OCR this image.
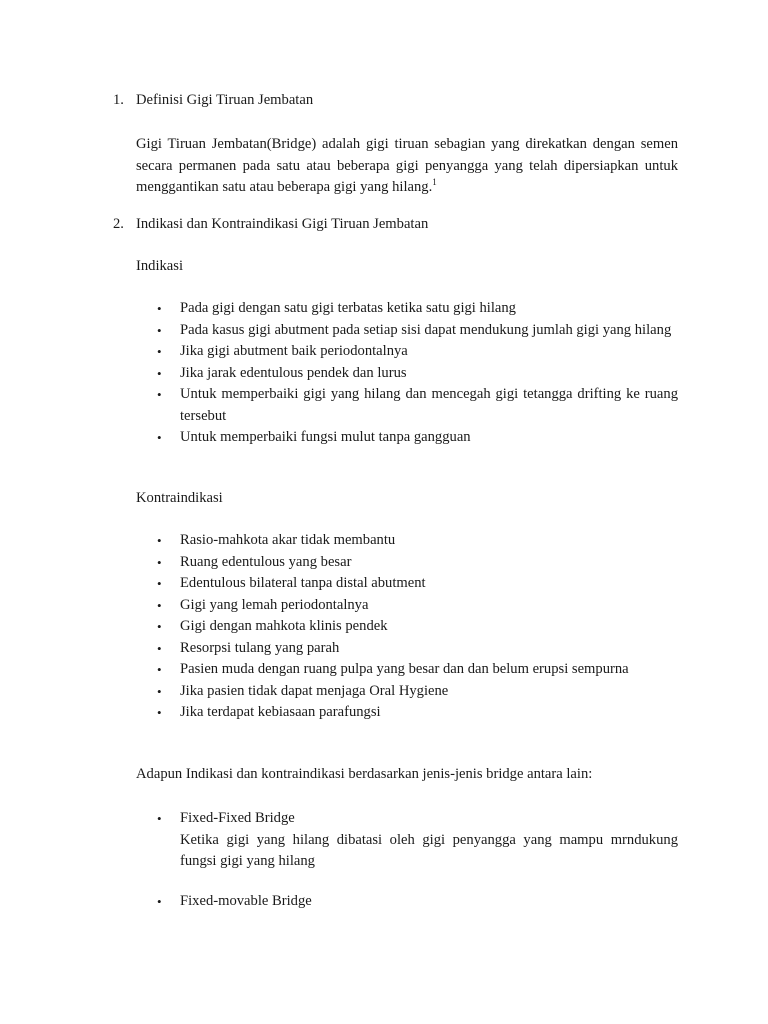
1. Definisi Gigi Tiruan Jembatan
Gigi Tiruan Jembatan(Bridge) adalah gigi tiruan sebagian yang direkatkan dengan semen secara permanen pada satu atau beberapa gigi penyangga yang telah dipersiapkan untuk menggantikan satu atau beberapa gigi yang hilang.$^1$
2. Indikasi dan Kontraindikasi Gigi Tiruan Jembatan
Indikasi
• Pada gigi dengan satu gigi terbatas ketika satu gigi hilang
• Pada kasus gigi abutment pada setiap sisi dapat mendukung jumlah gigi yang hilang
• Jika gigi abutment baik periodontalnya
• Jika jarak edentulous pendek dan lurus
• Untuk memperbaiki gigi yang hilang dan mencegah gigi tetangga drifting ke ruang tersebut
• Untuk memperbaiki fungsi mulut tanpa gangguan
Kontraindikasi
• Rasio-mahkota akar tidak membantu
• Ruang edentulous yang besar
• Edentulous bilateral tanpa distal abutment
• Gigi yang lemah periodontalnya
• Gigi dengan mahkota klinis pendek
• Resorpsi tulang yang parah
• Pasien muda dengan ruang pulpa yang besar dan dan belum erupsi sempurna
• Jika pasien tidak dapat menjaga Oral Hygiene
• Jika terdapat kebiasaan parafungsi
Adapun Indikasi dan kontraindikasi berdasarkan jenis-jenis bridge antara lain:
• Fixed-Fixed Bridge
Ketika gigi yang hilang dibatasi oleh gigi penyangga yang mampu mrndukung fungsi gigi yang hilang
• Fixed-movable Bridge
